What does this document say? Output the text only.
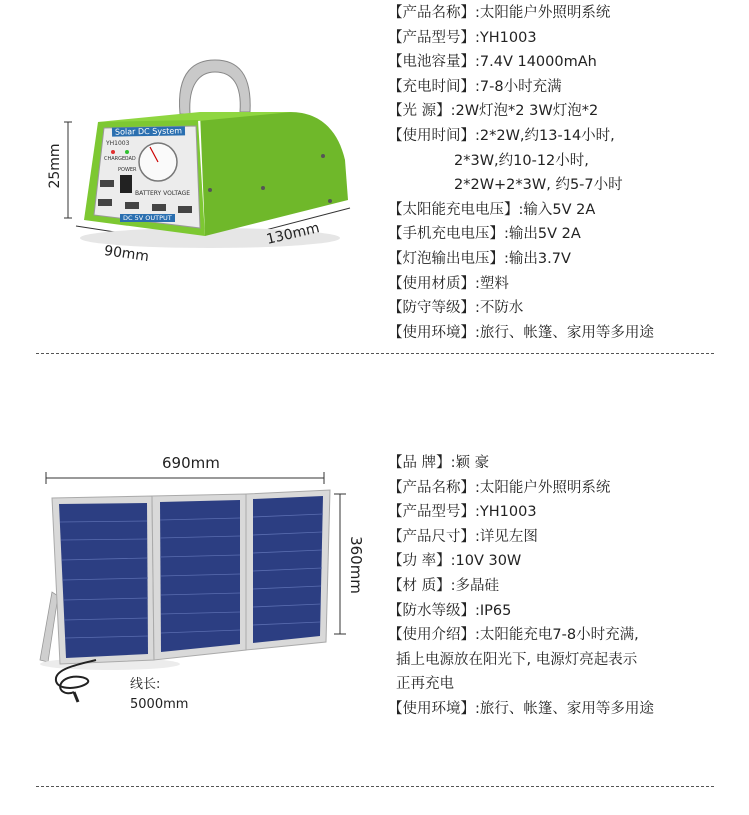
Solar DC System
YH1003
CHARGE
LOAD
POWER
BATTERY VOLTAGE
DC 5V OUTPUT
25mm
90mm
130mm
【产品名称】:太阳能户外照明系统
【产品型号】:YH1003
【电池容量】:7.4V 14000mAh
【充电时间】:7-8小时充满
【光 源】:2W灯泡*2 3W灯泡*2
【使用时间】:2*2W,约13-14小时,
2*3W,约10-12小时,
2*2W+2*3W, 约5-7小时
【太阳能充电电压】:输入5V 2A
【手机充电电压】:输出5V 2A
【灯泡输出电压】:输出3.7V
【使用材质】:塑料
【防守等级】:不防水
【使用环境】:旅行、帐篷、家用等多用途
690mm
360mm
线长:
5000mm
【品 牌】:颖 豪
【产品名称】:太阳能户外照明系统
【产品型号】:YH1003
【产品尺寸】:详见左图
【功 率】:10V 30W
【材 质】:多晶硅
【防水等级】:IP65
【使用介绍】:太阳能充电7-8小时充满,
插上电源放在阳光下, 电源灯亮起表示
正再充电
【使用环境】:旅行、帐篷、家用等多用途
